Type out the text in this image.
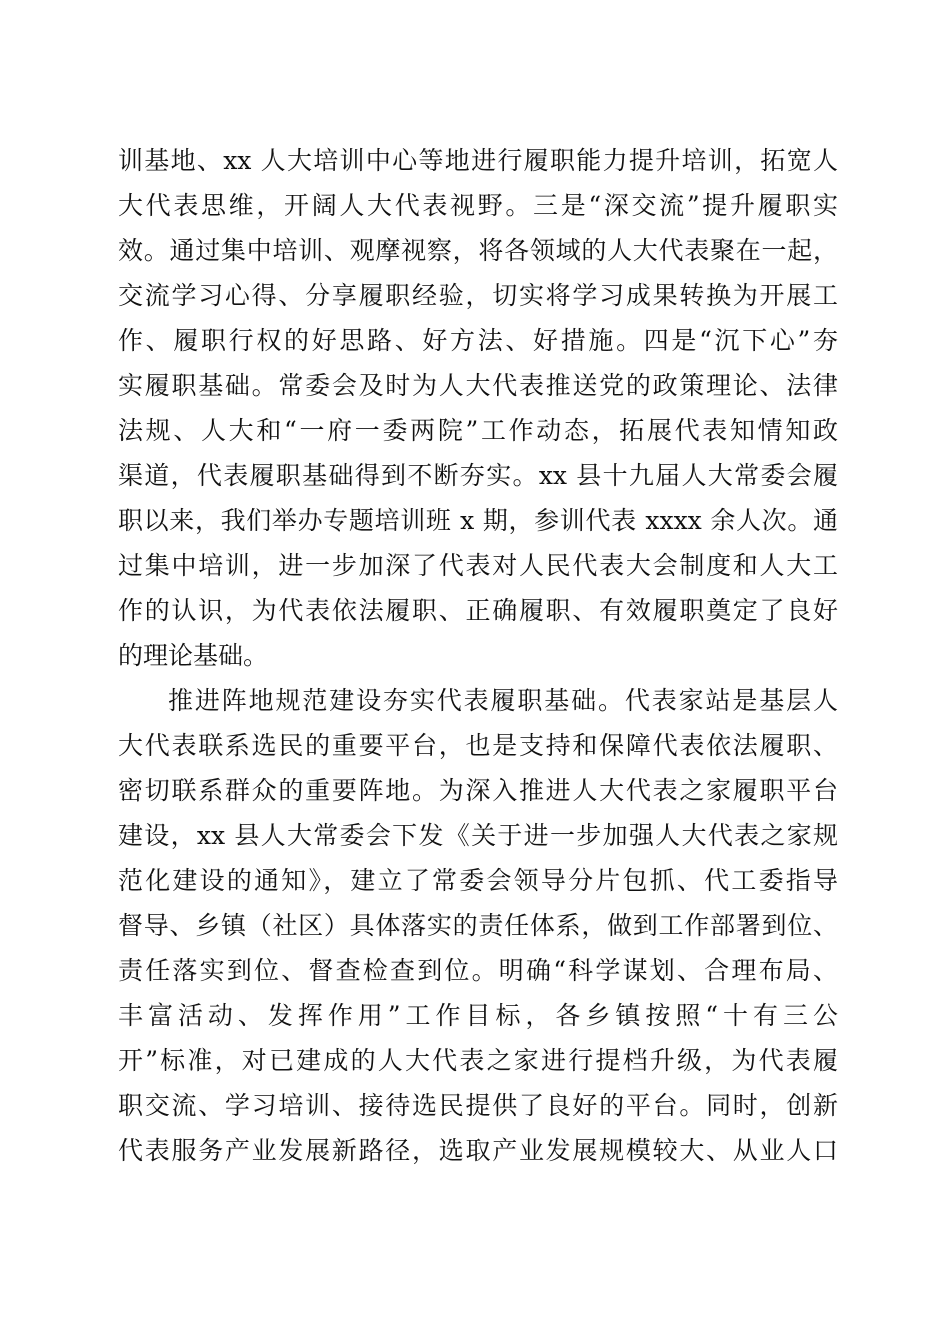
训基地、xx 人大培训中心等地进行履职能力提升培训，拓宽人
大代表思维，开阔人大代表视野。三是“深交流”提升履职实
效。通过集中培训、观摩视察，将各领域的人大代表聚在一起，
交流学习心得、分享履职经验，切实将学习成果转换为开展工
作、履职行权的好思路、好方法、好措施。四是“沉下心”夯
实履职基础。常委会及时为人大代表推送党的政策理论、法律
法规、人大和“一府一委两院”工作动态，拓展代表知情知政
渠道，代表履职基础得到不断夯实。xx 县十九届人大常委会履
职以来，我们举办专题培训班 x 期，参训代表 xxxx 余人次。通
过集中培训，进一步加深了代表对人民代表大会制度和人大工
作的认识，为代表依法履职、正确履职、有效履职奠定了良好
的理论基础。
推进阵地规范建设夯实代表履职基础。代表家站是基层人
大代表联系选民的重要平台，也是支持和保障代表依法履职、
密切联系群众的重要阵地。为深入推进人大代表之家履职平台
建设，xx 县人大常委会下发《关于进一步加强人大代表之家规
范化建设的通知》，建立了常委会领导分片包抓、代工委指导
督导、乡镇（社区）具体落实的责任体系，做到工作部署到位、
责任落实到位、督查检查到位。明确“科学谋划、合理布局、
丰富活动、发挥作用”工作目标，各乡镇按照“十有三公
开”标准，对已建成的人大代表之家进行提档升级，为代表履
职交流、学习培训、接待选民提供了良好的平台。同时，创新
代表服务产业发展新路径，选取产业发展规模较大、从业人口
